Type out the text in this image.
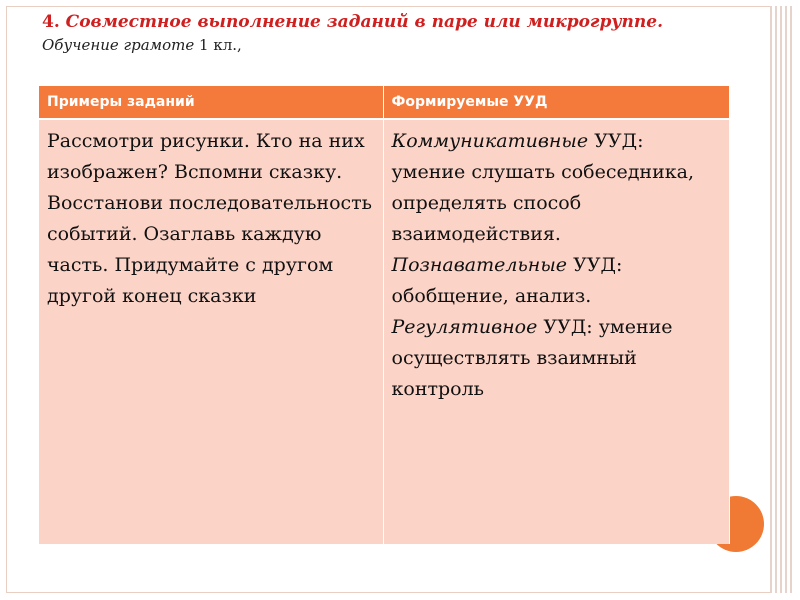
4. Совместное выполнение заданий в паре или микрогруппе.
Обучение грамоте 1 кл.,
Примеры заданий	Формируемые УУД

Рассмотри рисунки. Кто на них изображен? Вспомни сказку. Восстанови последовательность событий. Озаглавь каждую часть. Придумайте с другом другой конец сказки	Коммуникативные УУД: умение слушать собеседника, определять способ взаимодействия.

Познавательные УУД: обобщение, анализ.

Регулятивное УУД: умение осуществлять взаимный контроль
